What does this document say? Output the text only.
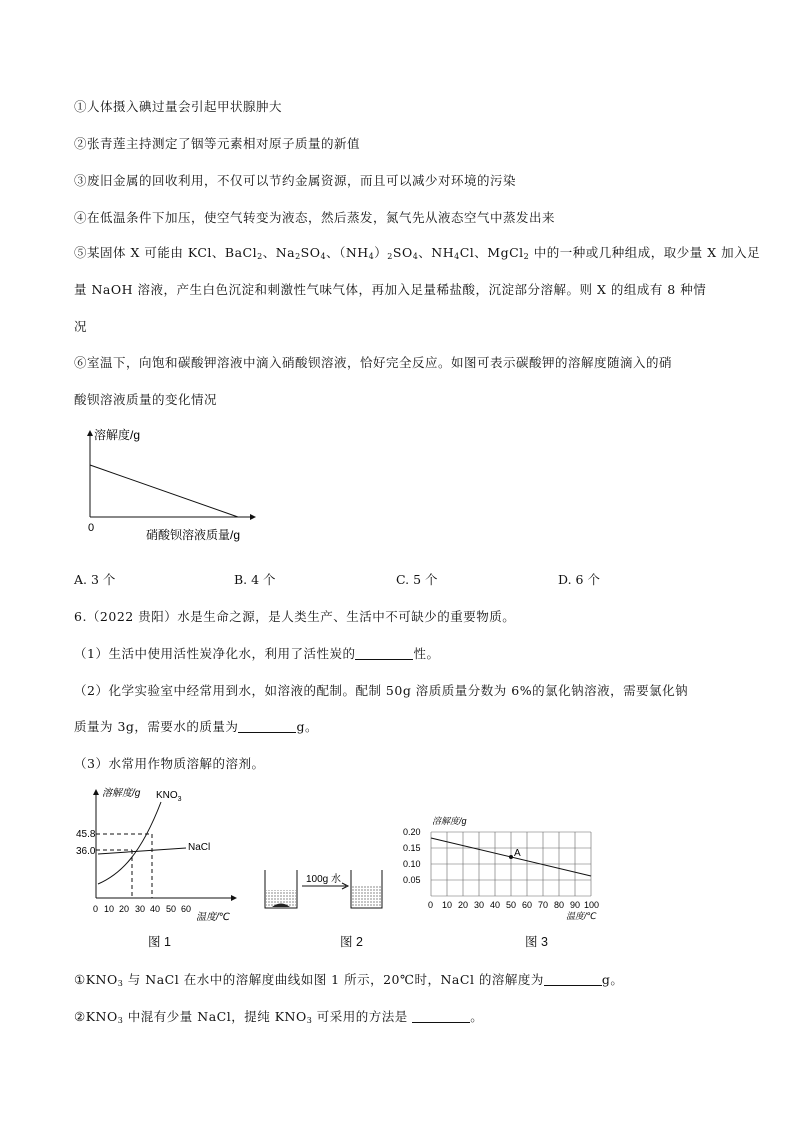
①人体摄入碘过量会引起甲状腺肿大
②张青莲主持测定了铟等元素相对原子质量的新值
③废旧金属的回收利用，不仅可以节约金属资源，而且可以减少对环境的污染
④在低温条件下加压，使空气转变为液态，然后蒸发，氮气先从液态空气中蒸发出来
⑤某固体 X 可能由 KCl、BaCl$_2$、$Na_2SO_4$、$(NH_4)_2SO_4$、$NH_4Cl$、MgCl$_2$ 中的一种或几种组成，取少量 X 加入足
量 NaOH 溶液，产生白色沉淀和刺激性气味气体，再加入足量稀盐酸，沉淀部分溶解。则 X 的组成有 8 种情
况
⑥室温下，向饱和碳酸钾溶液中滴入硝酸钡溶液，恰好完全反应。如图可表示碳酸钾的溶解度随滴入的硝
酸钡溶液质量的变化情况
溶解度/g
0	硝酸钡溶液质量/g
A. 3 个	B. 4 个	C. 5 个	D. 6 个
6.（2022 贵阳）水是生命之源，是人类生产、生活中不可缺少的重要物质。
（1）生活中使用活性炭净化水，利用了活性炭的	性。
（2）化学实验室中经常用到水，如溶液的配制。配制 50g 溶质质量分数为 6%的氯化钠溶液，需要氯化钠
质量为 3g，需要水的质量为	g。
（3）水常用作物质溶解的溶剂。
溶解度/g $KNO_3$
NaCl
45.8
36.0
0 10 20 30 40 50 60
温度/℃
图 1
100g 水
图 2
A
溶解度/g
0.20
0.15
0.10
0.05
0 10 20 30 40 50 60 70 80 90 100
温度/℃
图 3
$①KNO_3$ 与 NaCl 在水中的溶解度曲线如图 1 所示，20℃时，NaCl 的溶解度为	g。
$②KNO_3$ 中混有少量 NaCl，提纯 $KNO_3$ 可采用的方法是	。
